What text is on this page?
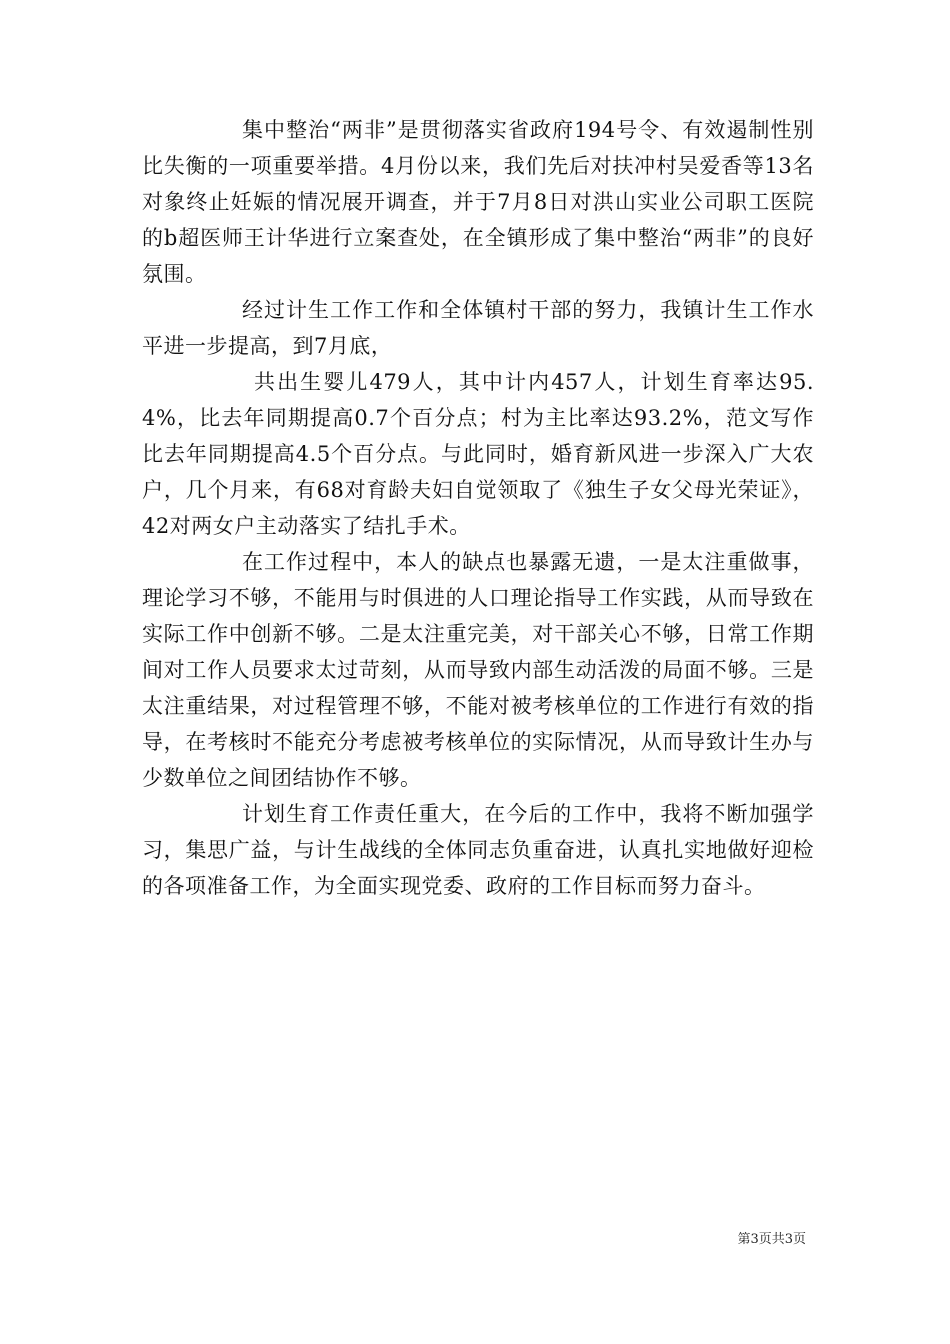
集中整治“两非”是贯彻落实省政府194号令、有效遏制性别比失衡的一项重要举措。4月份以来，我们先后对扶冲村吴爱香等13名对象终止妊娠的情况展开调查，并于7月8日对洪山实业公司职工医院的b超医师王计华进行立案查处，在全镇形成了集中整治“两非”的良好氛围。

经过计生工作工作和全体镇村干部的努力，我镇计生工作水平进一步提高，到7月底，

共出生婴儿479人，其中计内457人，计划生育率达95.4%，比去年同期提高0.7个百分点；村为主比率达93.2%，范文写作比去年同期提高4.5个百分点。与此同时，婚育新风进一步深入广大农户，几个月来，有68对育龄夫妇自觉领取了《独生子女父母光荣证》，42对两女户主动落实了结扎手术。

在工作过程中，本人的缺点也暴露无遗，一是太注重做事，理论学习不够，不能用与时俱进的人口理论指导工作实践，从而导致在实际工作中创新不够。二是太注重完美，对干部关心不够，日常工作期间对工作人员要求太过苛刻，从而导致内部生动活泼的局面不够。三是太注重结果，对过程管理不够，不能对被考核单位的工作进行有效的指导，在考核时不能充分考虑被考核单位的实际情况，从而导致计生办与少数单位之间团结协作不够。

计划生育工作责任重大，在今后的工作中，我将不断加强学习，集思广益，与计生战线的全体同志负重奋进，认真扎实地做好迎检的各项准备工作，为全面实现党委、政府的工作目标而努力奋斗。

第3页共3页
